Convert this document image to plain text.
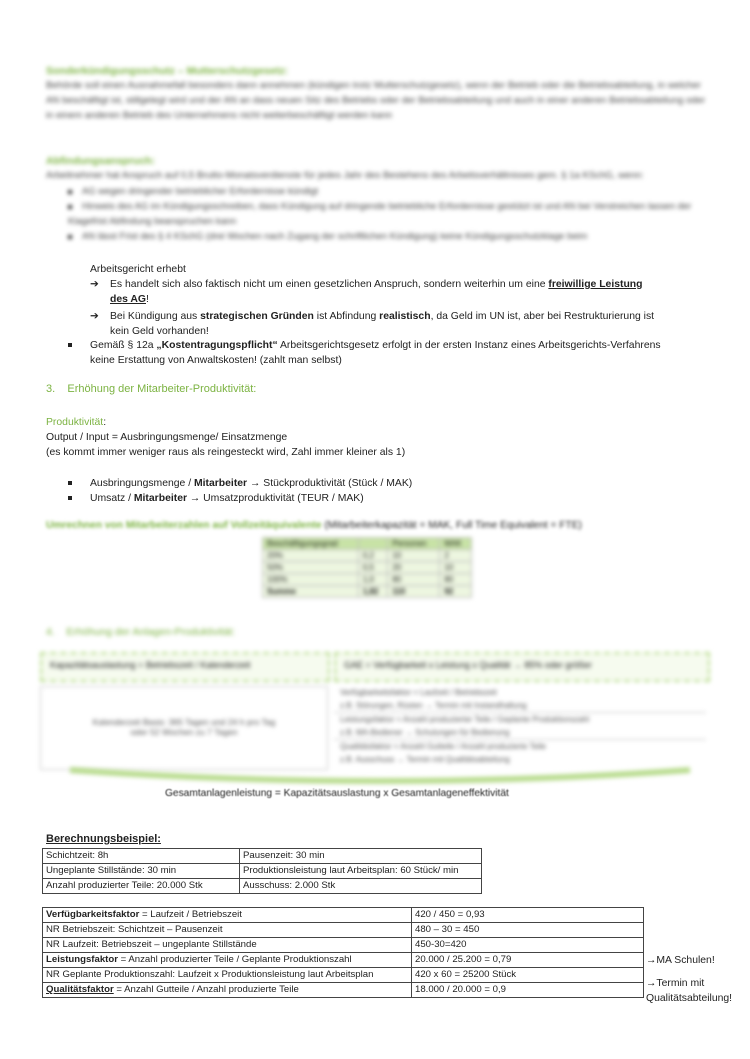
Sonderkündigungsschutz – Mutterschutzgesetz:
Behörde soll einen Ausnahmefall besonders dann annehmen (kündigen trotz Mutterschutzgesetz), wenn der Betrieb oder die Betriebsabteilung, in welcher AN beschäftigt ist, stillgelegt wird und der AN an dass neuen Sitz des Betriebs oder der Betriebsabteilung und auch in einer anderen Betriebsabteilung oder in einem anderen Betrieb des Unternehmens nicht weiterbeschäftigt werden kann
Abfindungsanspruch:
Arbeitnehmer hat Anspruch auf 0,5 Brutto-Monatsverdienste für jedes Jahr des Bestehens des Arbeitsverhältnisses gem. § 1a KSchG, wenn:
AG wegen dringender betrieblicher Erfordernisse kündigt
Hinweis des AG im Kündigungsschreiben, dass Kündigung auf dringende betriebliche Erfordernisse gestützt ist und AN bei Verstreichen lassen der Klagefrist Abfindung beanspruchen kann
AN lässt Frist des § 4 KSchG (drei Wochen nach Zugang der schriftlichen Kündigung) keine Kündigungsschutzklage beim
Arbeitsgericht erhebt
➔ Es handelt sich also faktisch nicht um einen gesetzlichen Anspruch, sondern weiterhin um eine freiwillige Leistung
des AG!
➔ Bei Kündigung aus strategischen Gründen ist Abfindung realistisch, da Geld im UN ist, aber bei Restrukturierung ist
kein Geld vorhanden!
Gemäß § 12a „Kostentragungspflicht“ Arbeitsgerichtsgesetz erfolgt in der ersten Instanz eines Arbeitsgerichts-Verfahrens
keine Erstattung von Anwaltskosten! (zahlt man selbst)
3.    Erhöhung der Mitarbeiter-Produktivität:
Produktivität:
Output / Input = Ausbringungsmenge/ Einsatzmenge
(es kommt immer weniger raus als reingesteckt wird, Zahl immer kleiner als 1)
Ausbringungsmenge / Mitarbeiter → Stückproduktivität (Stück / MAK)
Umsatz / Mitarbeiter → Umsatzproduktivität (TEUR / MAK)
Umrechnen von Mitarbeiterzahlen auf Vollzeitäquivalente (Mitarbeiterkapazität = MAK, Full Time Equivalent = FTE)
Beschäftigungsgrad		Personen	MAK
20%	0,2	10	2
50%	0,5	20	10
100%	1,0	80	80
Summe	1,82	110	92
4.    Erhöhung der Anlagen-Produktivität:
Kapazitätsauslastung = Betriebszeit / Kalenderzeit	GAE = Verfügbarkeit x Leistung x Qualität → 85% oder größer
Kalenderzeit Basis: 365 Tagen und 24 h pro Tag
oder 52 Wochen zu 7 Tagen
Verfügbarkeitsfaktor = Laufzeit / Betriebszeit
z.B. Störungen, Rüsten → Termin mit Instandhaltung
Leistungsfaktor = Anzahl produzierter Teile / Geplante Produktionszahl
z.B. MA-Bediener → Schulungen für Bedienung
Qualitätsfaktor = Anzahl Gutteile / Anzahl produzierte Teile
z.B. Ausschuss → Termin mit Qualitätsabteilung
Gesamtanlagenleistung = Kapazitätsauslastung x Gesamtanlageneffektivität
Berechnungsbeispiel:
Schichtzeit: 8h	Pausenzeit: 30 min
Ungeplante Stillstände: 30 min	Produktionsleistung laut Arbeitsplan: 60 Stück/ min
Anzahl produzierter Teile: 20.000 Stk	Ausschuss: 2.000 Stk
Verfügbarkeitsfaktor = Laufzeit / Betriebszeit	420 / 450 = 0,93
NR Betriebszeit: Schichtzeit – Pausenzeit	480 – 30 = 450
NR Laufzeit: Betriebszeit – ungeplante Stillstände	450-30=420
Leistungsfaktor = Anzahl produzierter Teile / Geplante Produktionszahl	20.000 / 25.200 = 0,79
NR Geplante Produktionszahl: Laufzeit x Produktionsleistung laut Arbeitsplan	420 x 60 = 25200 Stück
Qualitätsfaktor = Anzahl Gutteile / Anzahl produzierte Teile	18.000 / 20.000 = 0,9
→MA Schulen!
→Termin mit
Qualitätsabteilung!
